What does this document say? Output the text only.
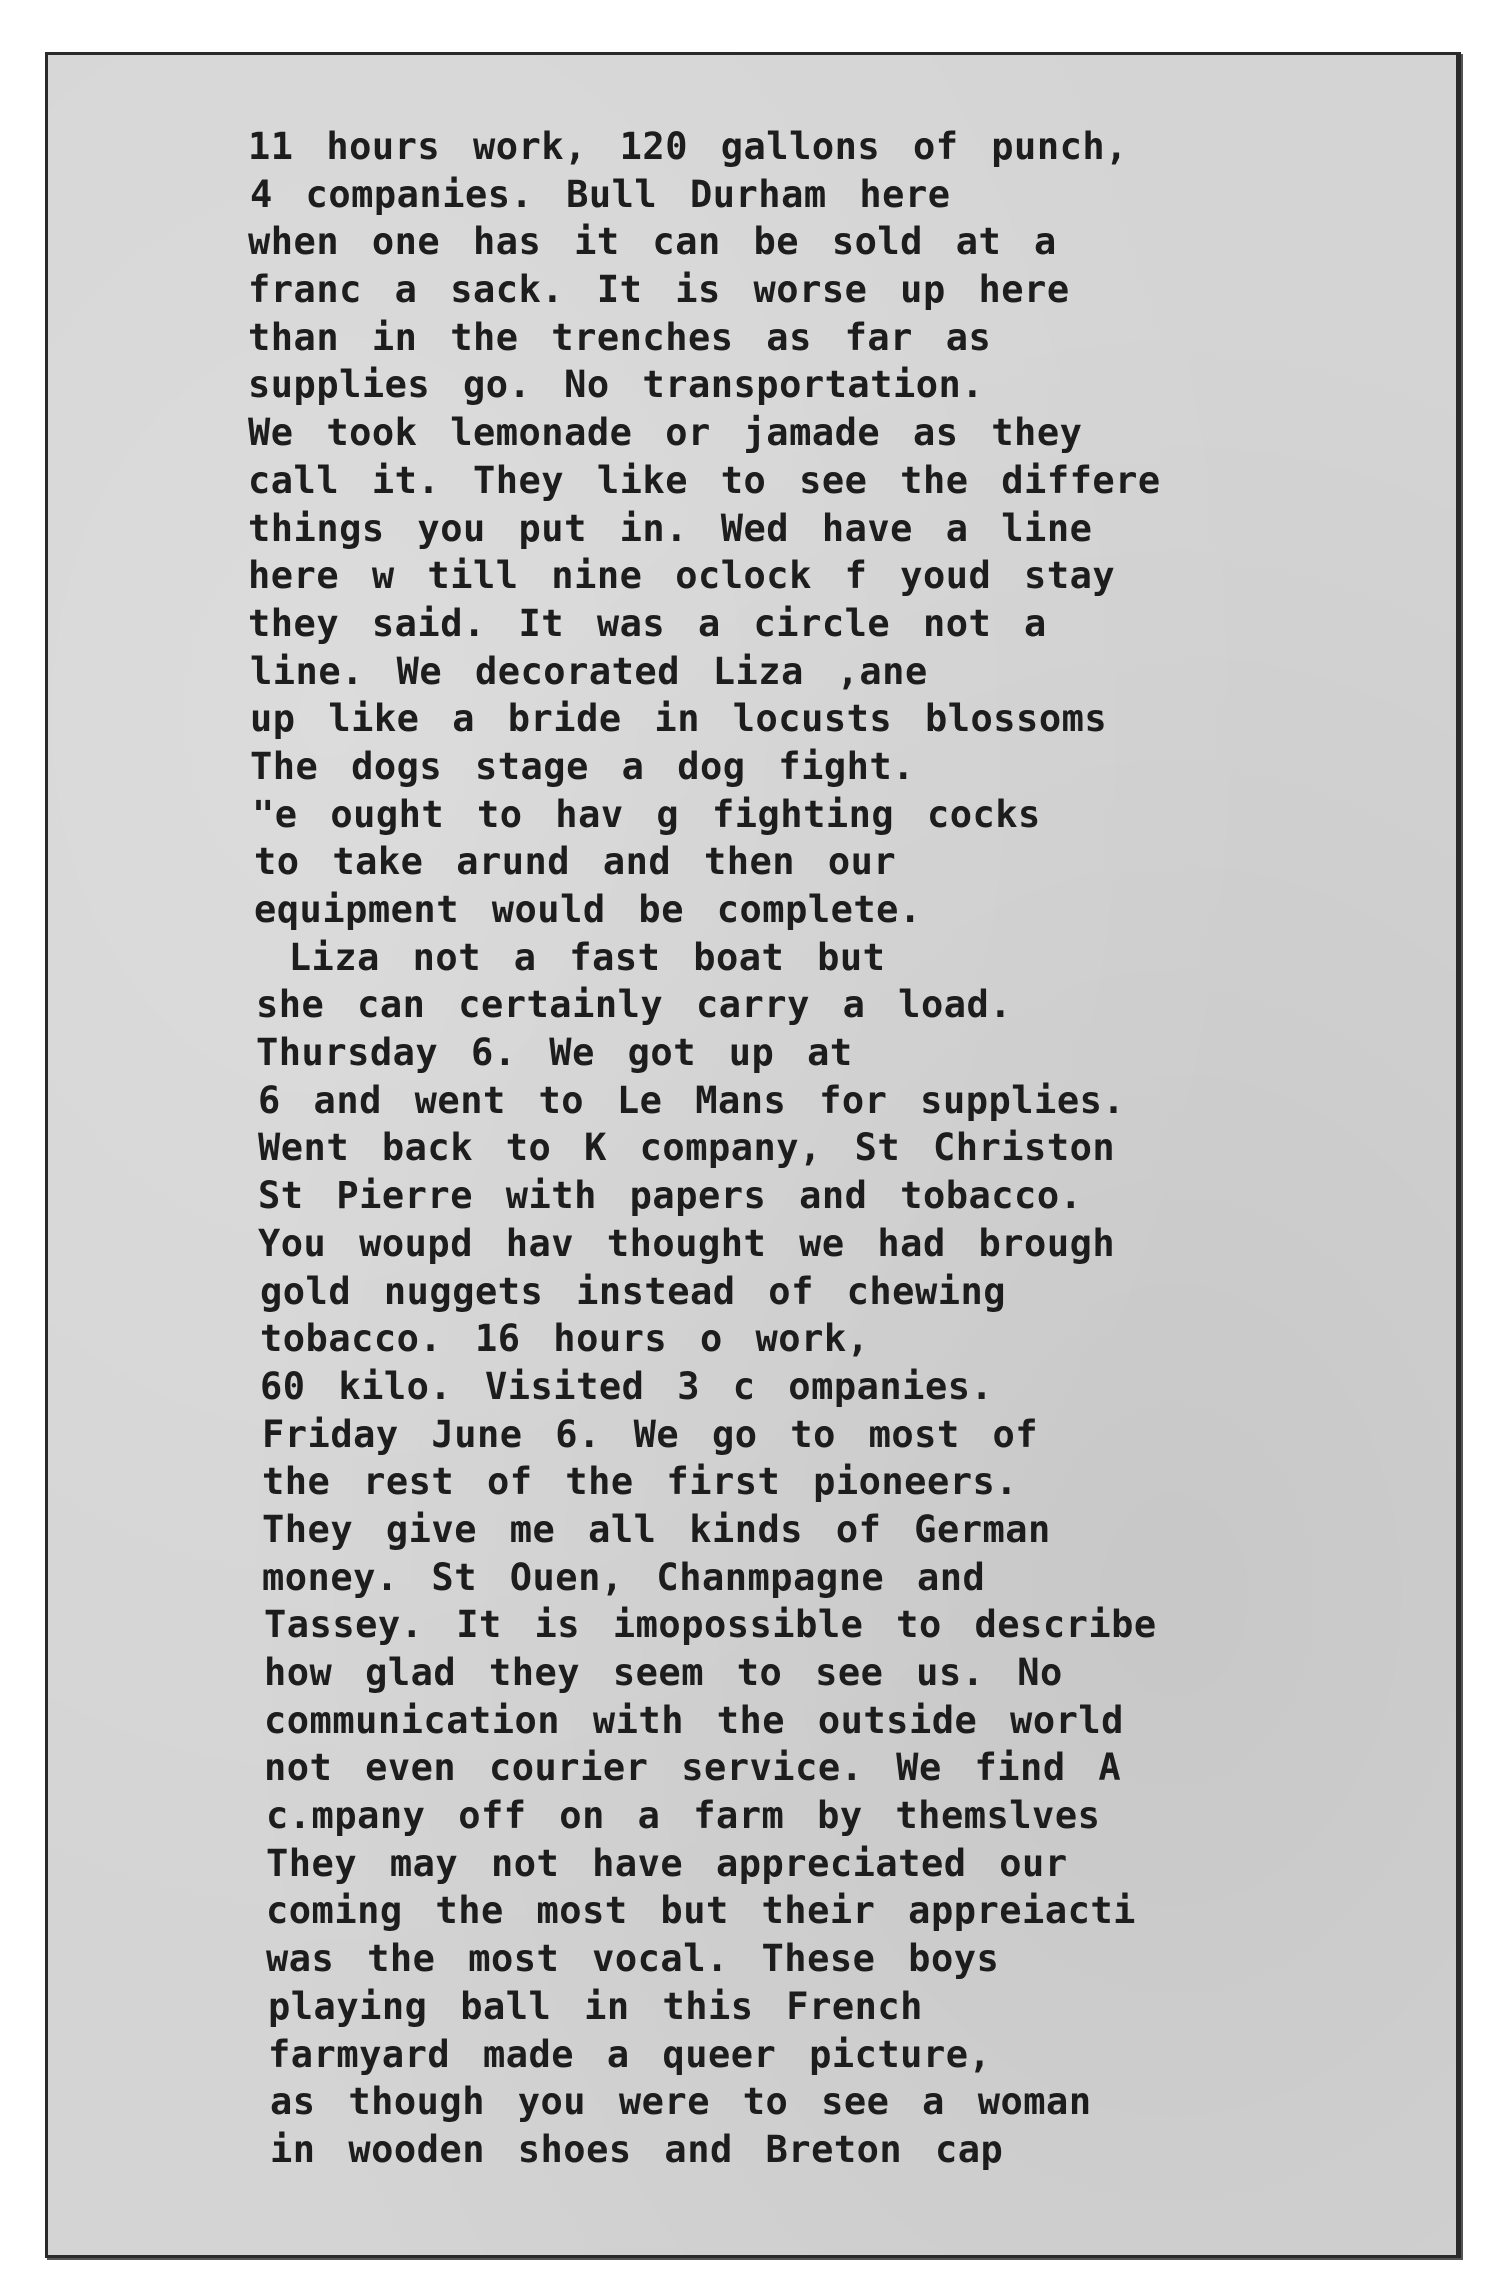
11 hours work, 120 gallons of punch,
4 companies. Bull Durham here
when one has it can be sold at a
franc a sack. It is worse up here
than in the trenches as far as
supplies go. No transportation.
We took lemonade or jamade as they
call it. They like to see the differe
things you put in. Wed have a line
here w till nine oclock f youd stay
they said. It was a circle not a
line. We decorated Liza ,ane
up like a bride in locusts blossoms
The dogs stage a dog fight.
"e ought to hav g fighting cocks
to take arund and then our
equipment would be complete.
Liza not a fast boat but
she can certainly carry a load.
Thursday 6. We got up at
6 and went to Le Mans for supplies.
Went back to K company, St Christon
St Pierre with papers and tobacco.
You woupd hav thought we had brough
gold nuggets instead of chewing
tobacco. 16 hours o work,
60 kilo. Visited 3 c ompanies.
Friday June 6. We go to most of
the rest of the first pioneers.
They give me all kinds of German
money. St Ouen, Chanmpagne and
Tassey. It is imopossible to describe
how glad they seem to see us. No
communication with the outside world
not even courier service. We find A
c.mpany off on a farm by themslves
They may not have appreciated our
coming the most but their appreiacti
was the most vocal. These boys
playing ball in this French
farmyard made a queer picture,
as though you were to see a woman
in wooden shoes and Breton cap
